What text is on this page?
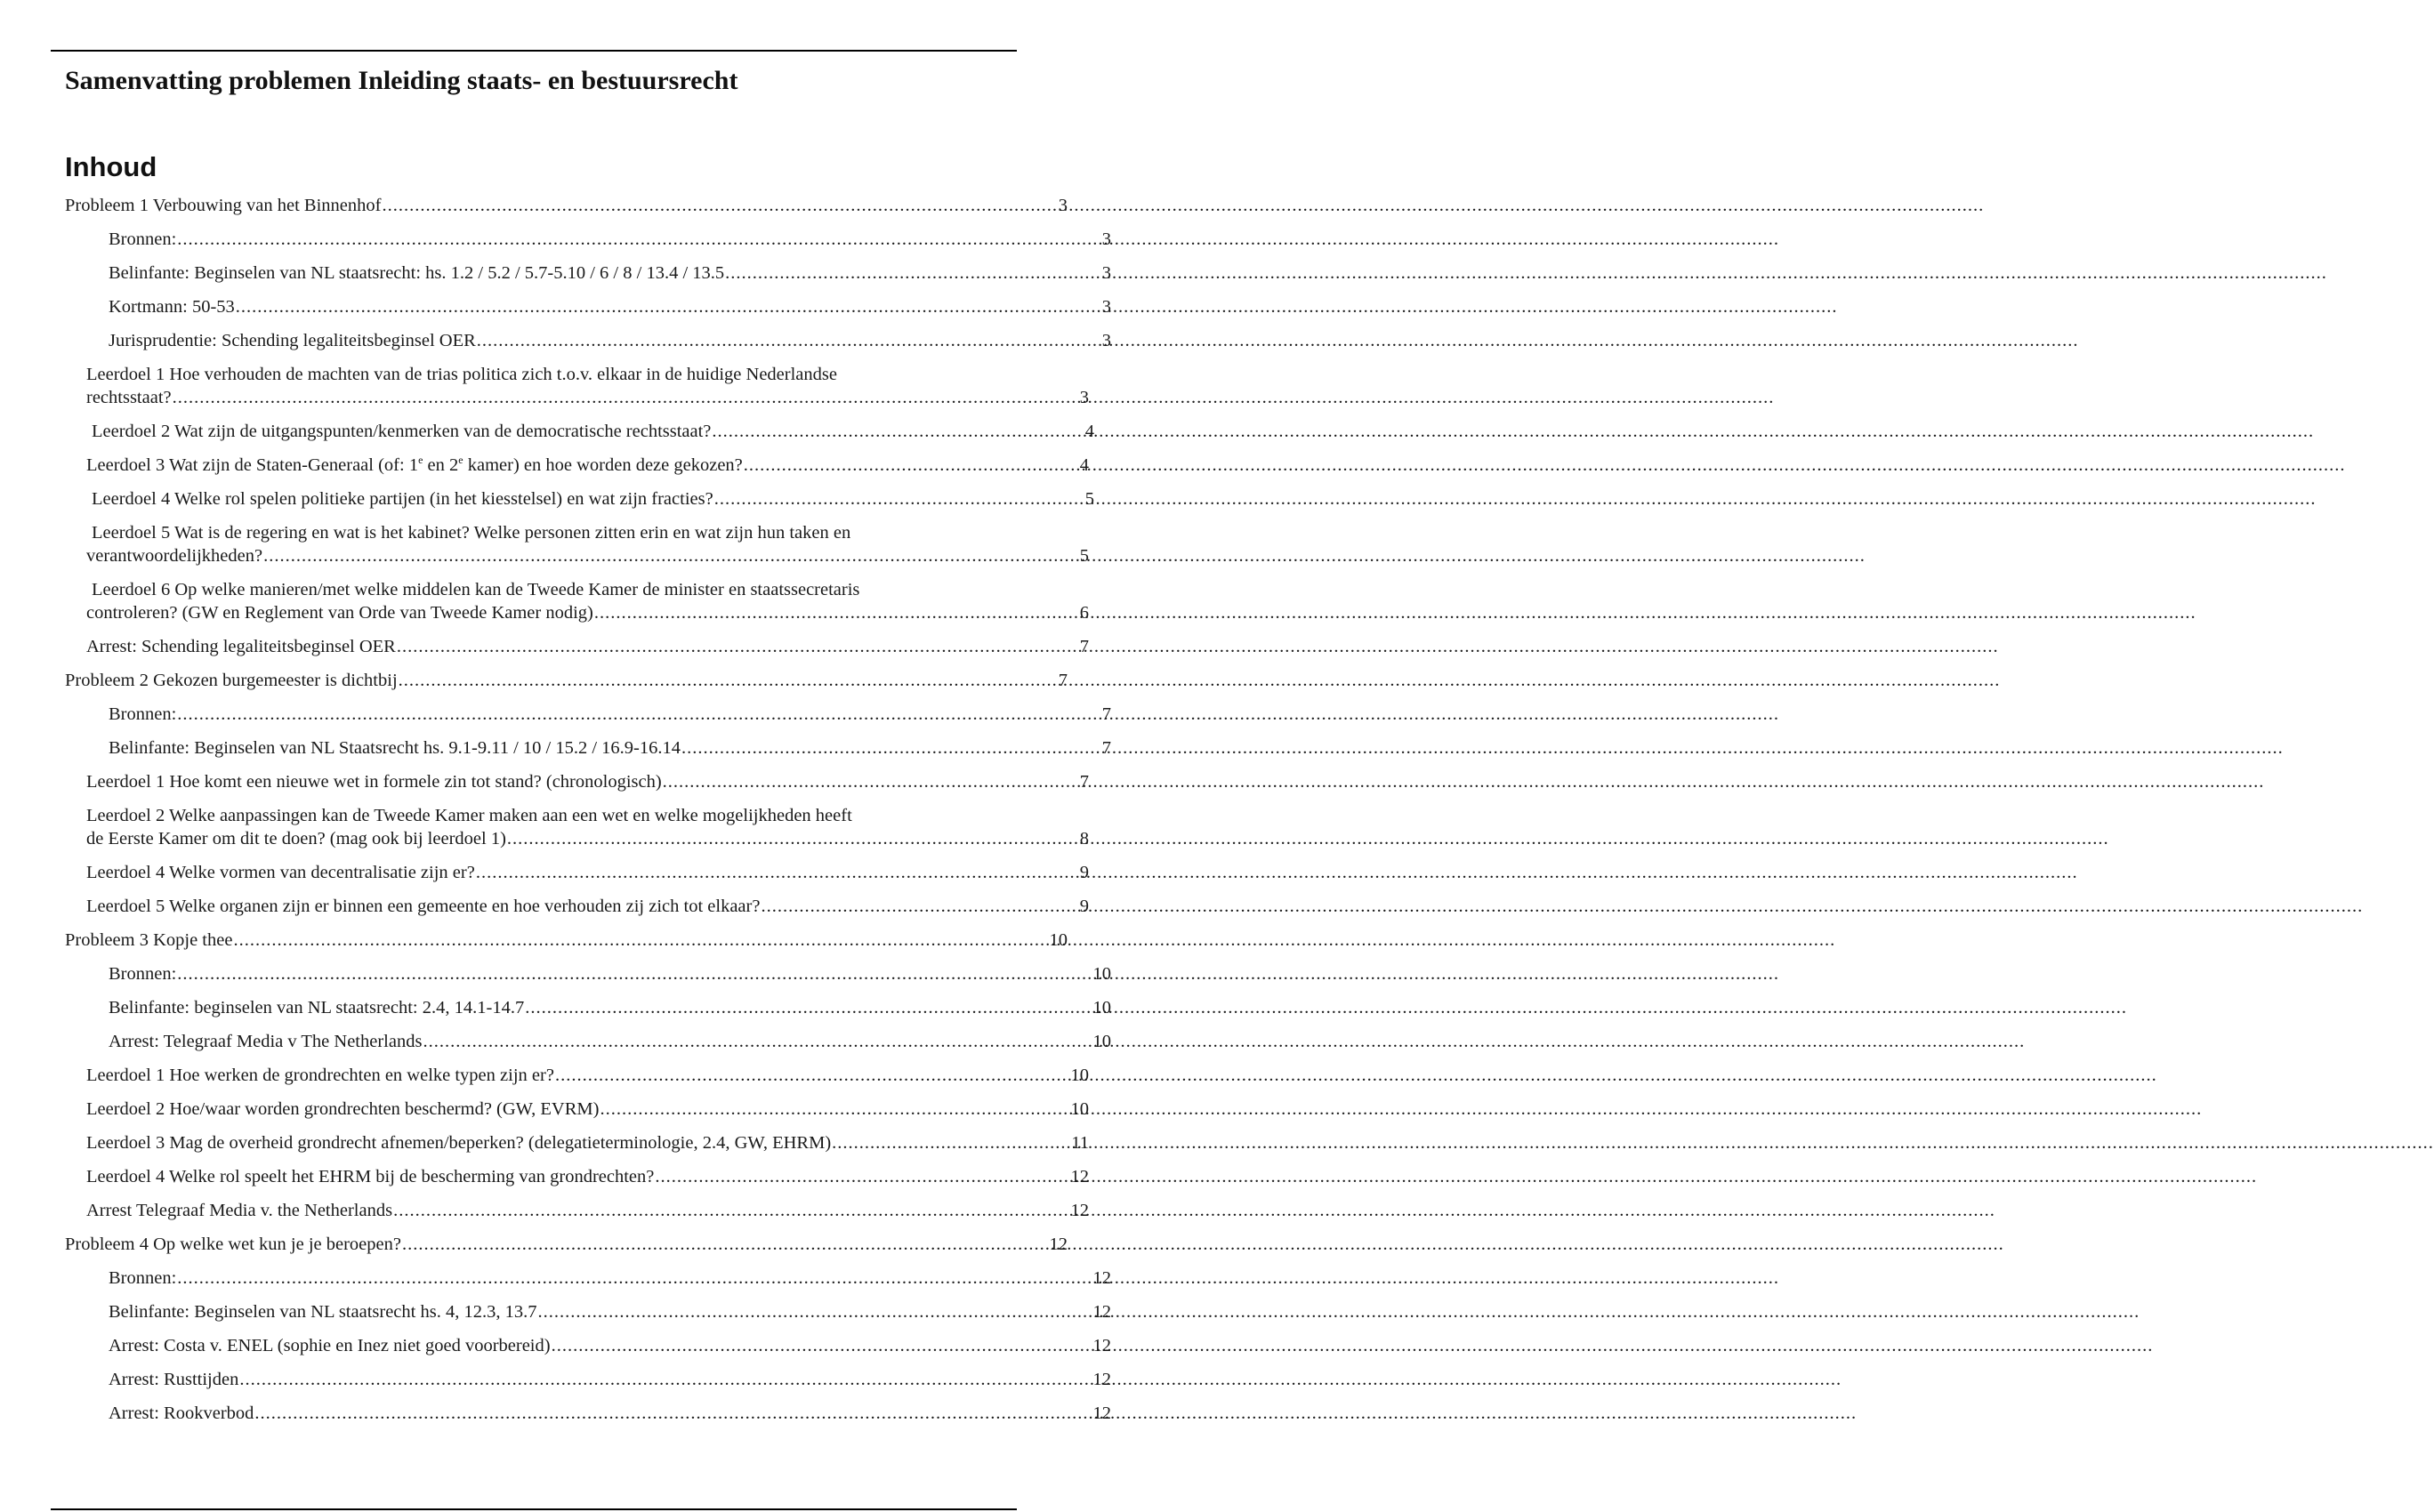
Samenvatting problemen Inleiding staats- en bestuursrecht
Inhoud
Probleem 1 Verbouwing van het Binnenhof .....	3
Bronnen: .....	3
Belinfante: Beginselen van NL staatsrecht: hs. 1.2 / 5.2 / 5.7-5.10 / 6 / 8 / 13.4 / 13.5 .....	3
Kortmann: 50-53 .....	3
Jurisprudentie: Schending legaliteitsbeginsel OER .....	3
Leerdoel 1 Hoe verhouden de machten van de trias politica zich t.o.v. elkaar in de huidige Nederlandse
rechtsstaat? .....	3
Leerdoel 2 Wat zijn de uitgangspunten/kenmerken van de democratische rechtsstaat? .....	4
Leerdoel 3 Wat zijn de Staten-Generaal (of: 1e en 2e kamer) en hoe worden deze gekozen? .....	4
Leerdoel 4 Welke rol spelen politieke partijen (in het kiesstelsel) en wat zijn fracties? .....	5
Leerdoel 5 Wat is de regering en wat is het kabinet? Welke personen zitten erin en wat zijn hun taken en
verantwoordelijkheden? .....	5
Leerdoel 6 Op welke manieren/met welke middelen kan de Tweede Kamer de minister en staatssecretaris
controleren? (GW en Reglement van Orde van Tweede Kamer nodig) .....	6
Arrest: Schending legaliteitsbeginsel OER .....	7
Probleem 2 Gekozen burgemeester is dichtbij .....	7
Bronnen: .....	7
Belinfante: Beginselen van NL Staatsrecht hs. 9.1-9.11 / 10 / 15.2 / 16.9-16.14 .....	7
Leerdoel 1 Hoe komt een nieuwe wet in formele zin tot stand? (chronologisch) .....	7
Leerdoel 2 Welke aanpassingen kan de Tweede Kamer maken aan een wet en welke mogelijkheden heeft
de Eerste Kamer om dit te doen? (mag ook bij leerdoel 1) .....	8
Leerdoel 4 Welke vormen van decentralisatie zijn er? .....	9
Leerdoel 5 Welke organen zijn er binnen een gemeente en hoe verhouden zij zich tot elkaar? .....	9
Probleem 3 Kopje thee .....	10
Bronnen: .....	10
Belinfante: beginselen van NL staatsrecht: 2.4, 14.1-14.7 .....	10
Arrest: Telegraaf Media v The Netherlands .....	10
Leerdoel 1 Hoe werken de grondrechten en welke typen zijn er? .....	10
Leerdoel 2 Hoe/waar worden grondrechten beschermd? (GW, EVRM) .....	10
Leerdoel 3 Mag de overheid grondrecht afnemen/beperken? (delegatieterminologie, 2.4, GW, EHRM) .....	11
Leerdoel 4 Welke rol speelt het EHRM bij de bescherming van grondrechten? .....	12
Arrest Telegraaf Media v. the Netherlands .....	12
Probleem 4 Op welke wet kun je je beroepen? .....	12
Bronnen: .....	12
Belinfante: Beginselen van NL staatsrecht hs. 4, 12.3, 13.7 .....	12
Arrest: Costa v. ENEL (sophie en Inez niet goed voorbereid) .....	12
Arrest: Rusttijden .....	12
Arrest: Rookverbod .....	12
